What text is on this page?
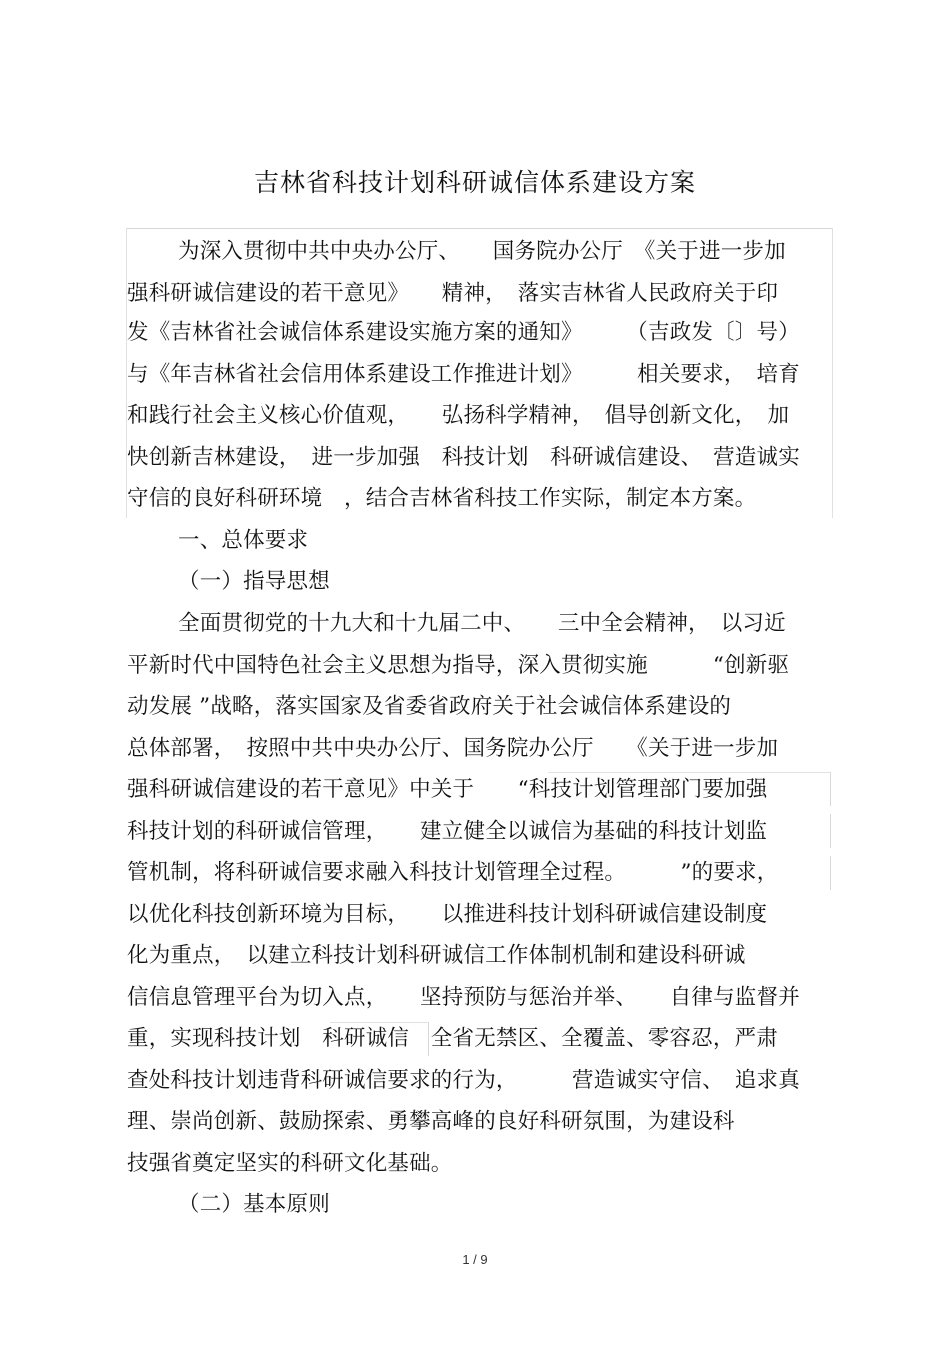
吉林省科技计划科研诚信体系建设方案
为深入贯彻中共中央办公厅、　　国务院办公厅　《关于进一步加
强科研诚信建设的若干意见》　　精神，　落实吉林省人民政府关于印
发《吉林省社会诚信体系建设实施方案的通知》　　　（吉政发〔〕号）
与《年吉林省社会信用体系建设工作推进计划》　　　相关要求，　培育
和践行社会主义核心价值观，　　弘扬科学精神，　倡导创新文化，　加
快创新吉林建设，　进一步加强　科技计划　科研诚信建设、　营造诚实
守信的良好科研环境　，结合吉林省科技工作实际，制定本方案。
一、总体要求
（一）指导思想
全面贯彻党的十九大和十九届二中、　　三中全会精神，　以习近
平新时代中国特色社会主义思想为指导，深入贯彻实施　　　“创新驱
动发展 ”战略，落实国家及省委省政府关于社会诚信体系建设的
总体部署，　按照中共中央办公厅、国务院办公厅　　《关于进一步加
强科研诚信建设的若干意见》中关于　　“科技计划管理部门要加强
科技计划的科研诚信管理，　　建立健全以诚信为基础的科技计划监
管机制，将科研诚信要求融入科技计划管理全过程。　　　”的要求，
以优化科技创新环境为目标，　　以推进科技计划科研诚信建设制度
化为重点，　以建立科技计划科研诚信工作体制机制和建设科研诚
信信息管理平台为切入点，　　坚持预防与惩治并举、　　自律与监督并
重，实现科技计划　科研诚信　全省无禁区、全覆盖、零容忍，严肃
查处科技计划违背科研诚信要求的行为，　　　营造诚实守信、　追求真
理、崇尚创新、鼓励探索、勇攀高峰的良好科研氛围，为建设科
技强省奠定坚实的科研文化基础。
（二）基本原则
1 / 9
